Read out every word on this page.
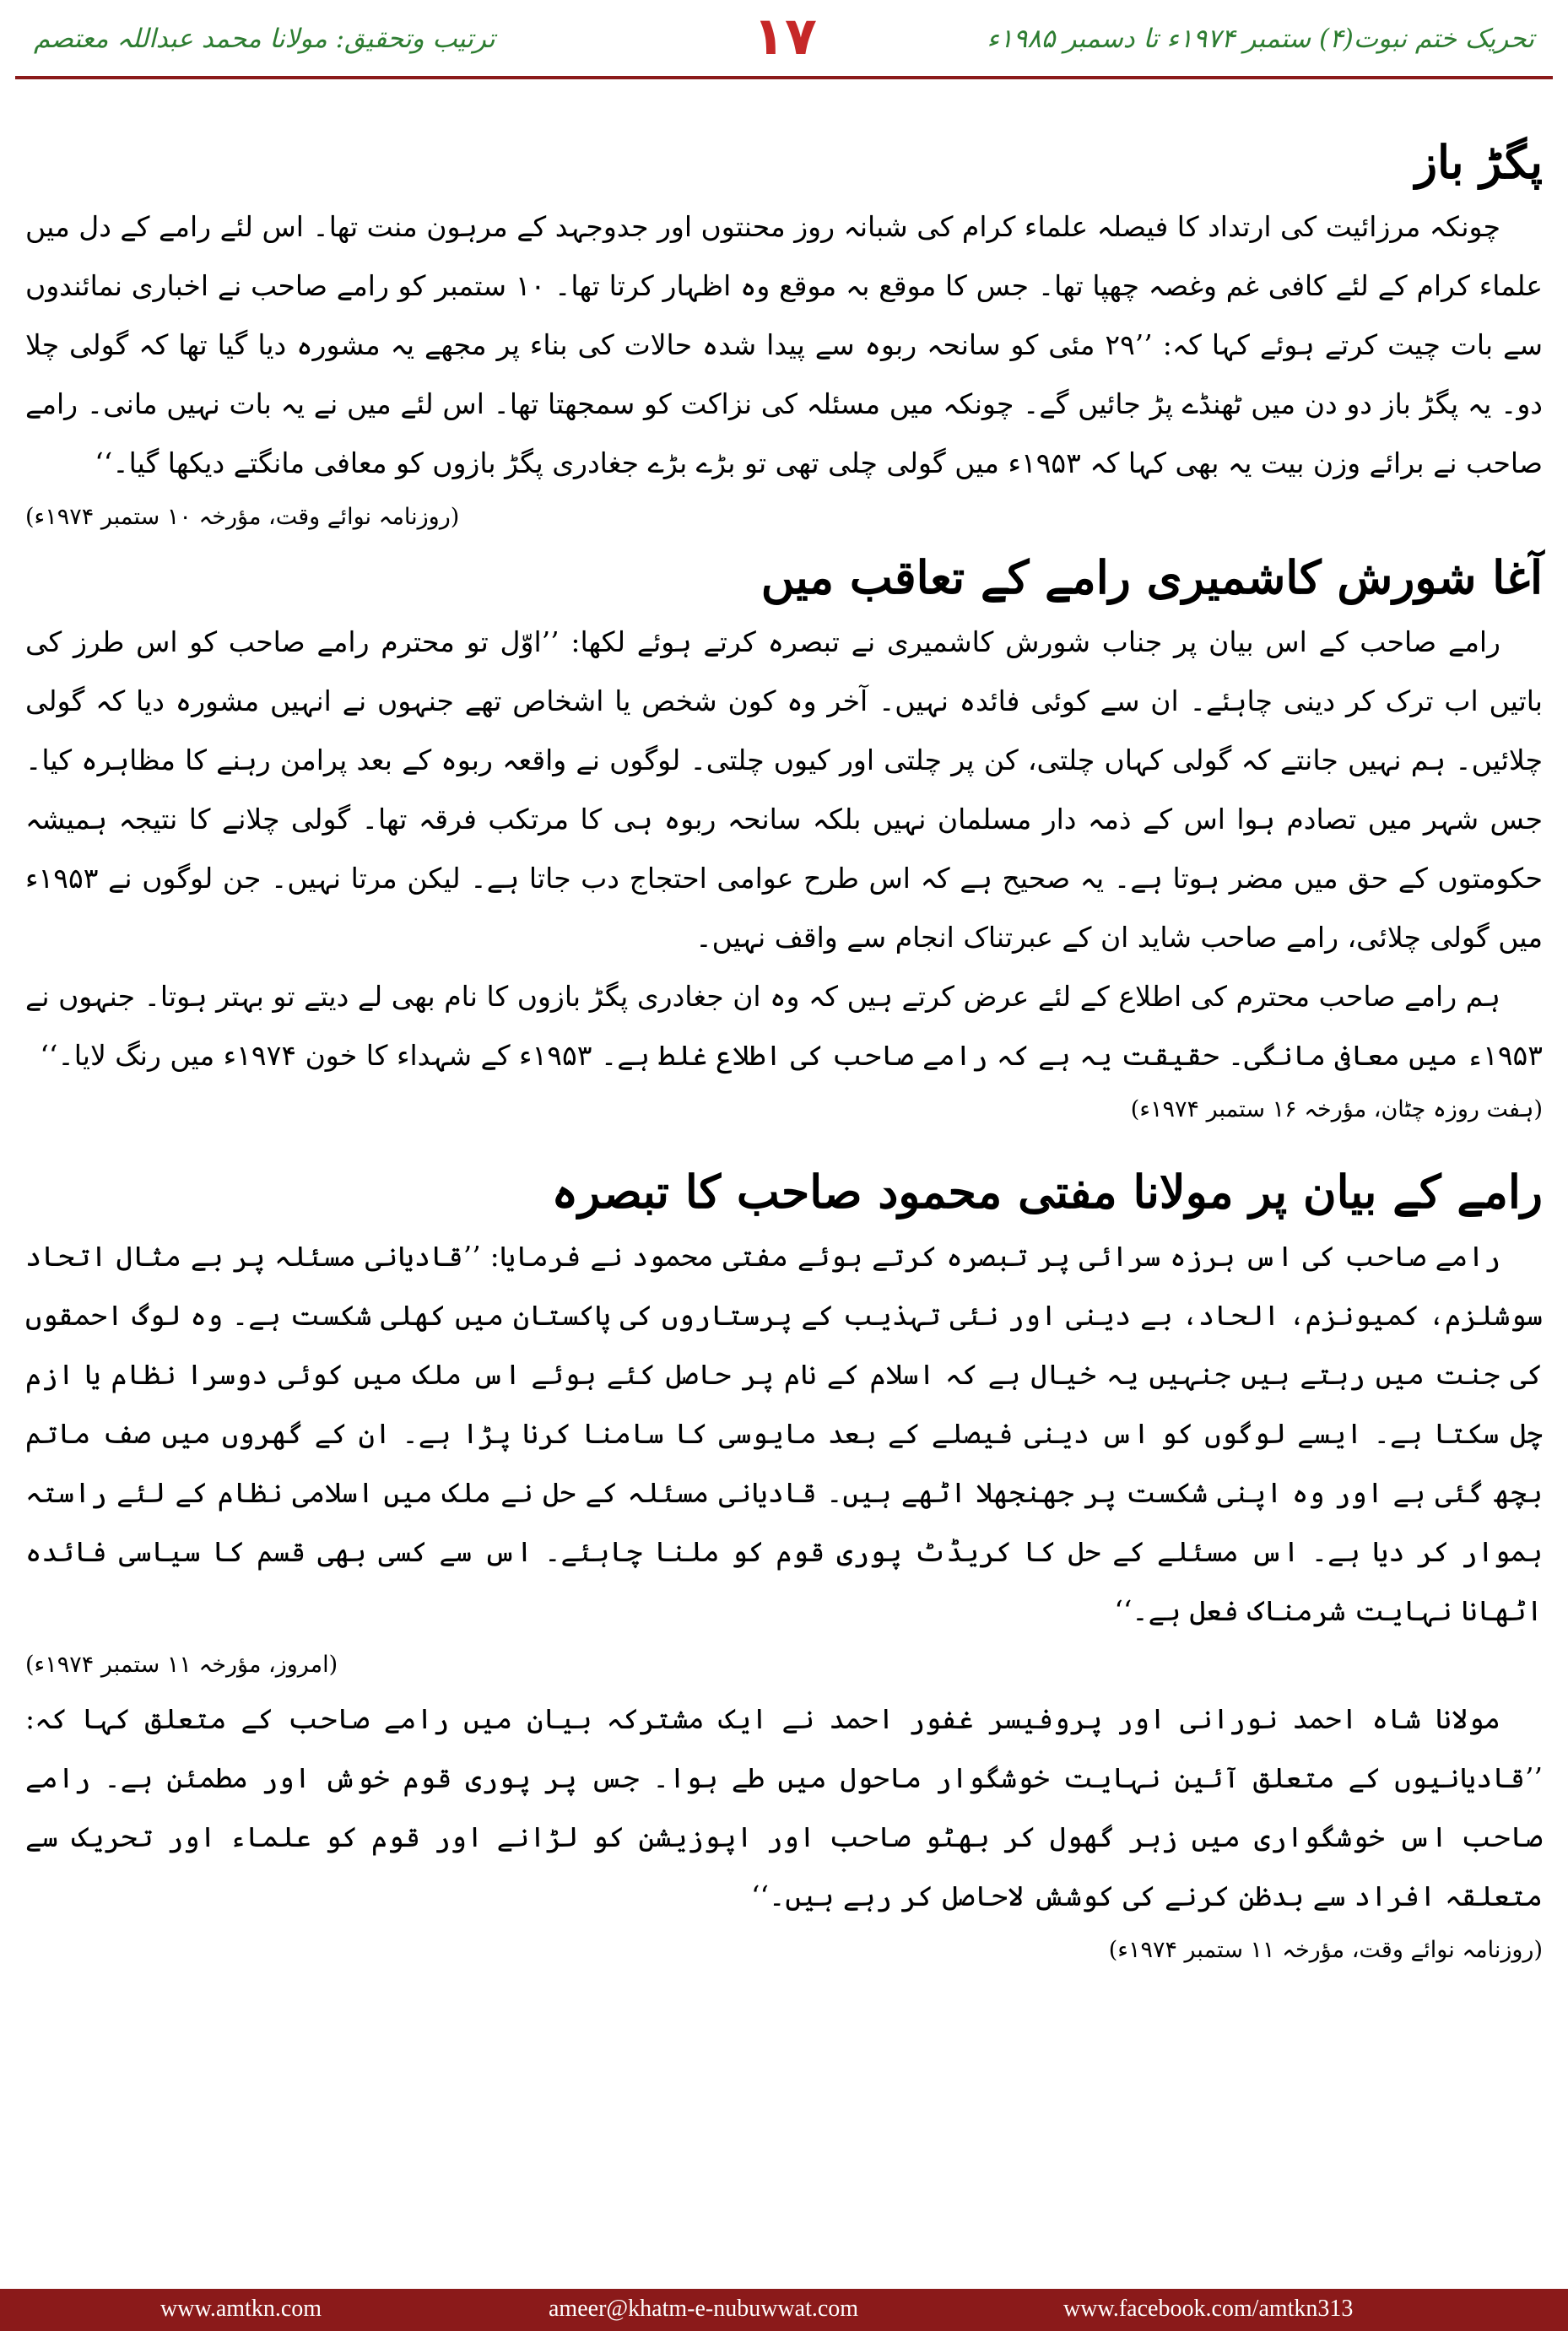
تحریک ختم نبوت(۴) ستمبر ۱۹۷۴ء تا دسمبر ۱۹۸۵ء
۱۷
ترتیب وتحقیق: مولانا محمد عبداللہ معتصم
پگڑ باز

چونکہ مرزائیت کی ارتداد کا فیصلہ علماء کرام کی شبانہ روز محنتوں اور جدوجہد کے مرہون منت تھا۔ اس لئے رامے کے دل میں علماء کرام کے لئے کافی غم وغصہ چھپا تھا۔ جس کا موقع بہ موقع وہ اظہار کرتا تھا۔ ۱۰ ستمبر کو رامے صاحب نے اخباری نمائندوں سے بات چیت کرتے ہوئے کہا کہ: ’’۲۹ مئی کو سانحہ ربوہ سے پیدا شدہ حالات کی بناء پر مجھے یہ مشورہ دیا گیا تھا کہ گولی چلا دو۔ یہ پگڑ باز دو دن میں ٹھنڈے پڑ جائیں گے۔ چونکہ میں مسئلہ کی نزاکت کو سمجھتا تھا۔ اس لئے میں نے یہ بات نہیں مانی۔ رامے صاحب نے برائے وزن بیت یہ بھی کہا کہ ۱۹۵۳ء میں گولی چلی تھی تو بڑے بڑے جغادری پگڑ بازوں کو معافی مانگتے دیکھا گیا۔‘‘

(روزنامہ نوائے وقت، مؤرخہ ۱۰ ستمبر ۱۹۷۴ء)

آغا شورش کاشمیری رامے کے تعاقب میں

رامے صاحب کے اس بیان پر جناب شورش کاشمیری نے تبصرہ کرتے ہوئے لکھا: ’’اوّل تو محترم رامے صاحب کو اس طرز کی باتیں اب ترک کر دینی چاہئے۔ ان سے کوئی فائدہ نہیں۔ آخر وہ کون شخص یا اشخاص تھے جنہوں نے انہیں مشورہ دیا کہ گولی چلائیں۔ ہم نہیں جانتے کہ گولی کہاں چلتی، کن پر چلتی اور کیوں چلتی۔ لوگوں نے واقعہ ربوہ کے بعد پرامن رہنے کا مظاہرہ کیا۔ جس شہر میں تصادم ہوا اس کے ذمہ دار مسلمان نہیں بلکہ سانحہ ربوہ ہی کا مرتکب فرقہ تھا۔ گولی چلانے کا نتیجہ ہمیشہ حکومتوں کے حق میں مضر ہوتا ہے۔ یہ صحیح ہے کہ اس طرح عوامی احتجاج دب جاتا ہے۔ لیکن مرتا نہیں۔ جن لوگوں نے ۱۹۵۳ء میں گولی چلائی، رامے صاحب شاید ان کے عبرتناک انجام سے واقف نہیں۔

ہم رامے صاحب محترم کی اطلاع کے لئے عرض کرتے ہیں کہ وہ ان جغادری پگڑ بازوں کا نام بھی لے دیتے تو بہتر ہوتا۔ جنہوں نے ۱۹۵۳ء میں معافی مانگی۔ حقیقت یہ ہے کہ رامے صاحب کی اطلاع غلط ہے۔ ۱۹۵۳ء کے شہداء کا خون ۱۹۷۴ء میں رنگ لایا۔‘‘

(ہفت روزہ چٹان، مؤرخہ ۱۶ ستمبر ۱۹۷۴ء)

رامے کے بیان پر مولانا مفتی محمود صاحب کا تبصرہ

رامے صاحب کی اس ہرزہ سرائی پر تبصرہ کرتے ہوئے مفتی محمود نے فرمایا: ’’قادیانی مسئلہ پر بے مثال اتحاد سوشلزم، کمیونزم، الحاد، بے دینی اور نئی تہذیب کے پرستاروں کی پاکستان میں کھلی شکست ہے۔ وہ لوگ احمقوں کی جنت میں رہتے ہیں جنہیں یہ خیال ہے کہ اسلام کے نام پر حاصل کئے ہوئے اس ملک میں کوئی دوسرا نظام یا ازم چل سکتا ہے۔ ایسے لوگوں کو اس دینی فیصلے کے بعد مایوسی کا سامنا کرنا پڑا ہے۔ ان کے گھروں میں صف ماتم بچھ گئی ہے اور وہ اپنی شکست پر جھنجھلا اٹھے ہیں۔ قادیانی مسئلہ کے حل نے ملک میں اسلامی نظام کے لئے راستہ ہموار کر دیا ہے۔ اس مسئلے کے حل کا کریڈٹ پوری قوم کو ملنا چاہئے۔ اس سے کسی بھی قسم کا سیاسی فائدہ اٹھانا نہایت شرمناک فعل ہے۔‘‘

(امروز، مؤرخہ ۱۱ ستمبر ۱۹۷۴ء)

مولانا شاہ احمد نورانی اور پروفیسر غفور احمد نے ایک مشترکہ بیان میں رامے صاحب کے متعلق کہا کہ: ’’قادیانیوں کے متعلق آئین نہایت خوشگوار ماحول میں طے ہوا۔ جس پر پوری قوم خوش اور مطمئن ہے۔ رامے صاحب اس خوشگواری میں زہر گھول کر بھٹو صاحب اور اپوزیشن کو لڑانے اور قوم کو علماء اور تحریک سے متعلقہ افراد سے بدظن کرنے کی کوشش لاحاصل کر رہے ہیں۔‘‘

(روزنامہ نوائے وقت، مؤرخہ ۱۱ ستمبر ۱۹۷۴ء)

www.amtkn.com	ameer@khatm-e-nubuwwat.com	www.facebook.com/amtkn313
